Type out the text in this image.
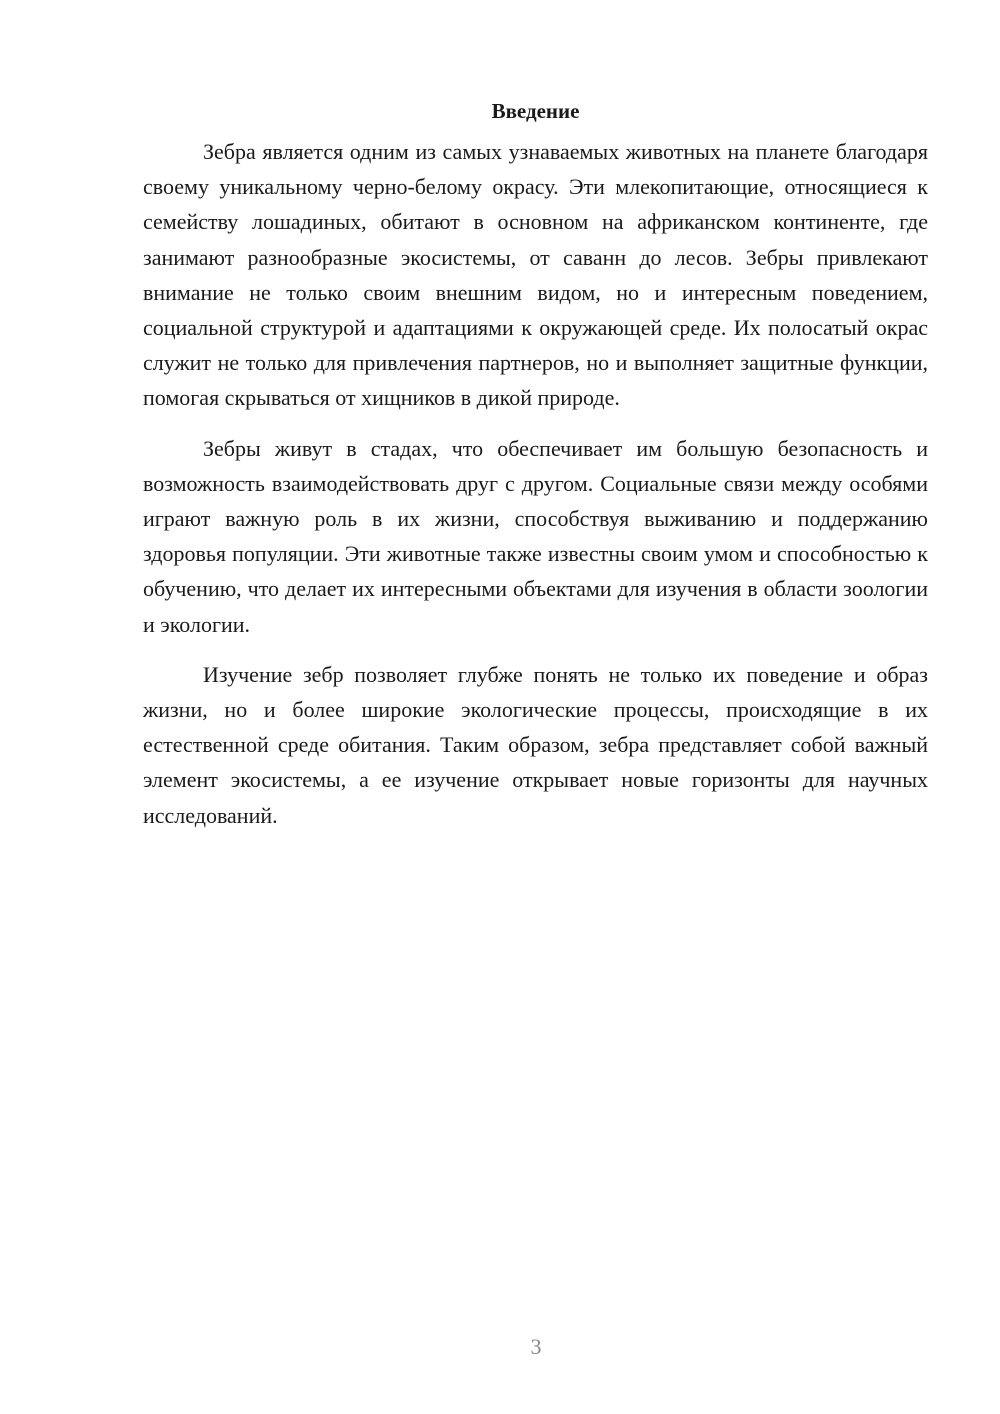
Введение

Зебра является одним из самых узнаваемых животных на планете благодаря своему уникальному черно-белому окрасу. Эти млекопитающие, относящиеся к семейству лошадиных, обитают в основном на африканском континенте, где занимают разнообразные экосистемы, от саванн до лесов. Зебры привлекают внимание не только своим внешним видом, но и интересным поведением, социальной структурой и адаптациями к окружающей среде. Их полосатый окрас служит не только для привлечения партнеров, но и выполняет защитные функции, помогая скрываться от хищников в дикой природе.

Зебры живут в стадах, что обеспечивает им большую безопасность и возможность взаимодействовать друг с другом. Социальные связи между особями играют важную роль в их жизни, способствуя выживанию и поддержанию здоровья популяции. Эти животные также известны своим умом и способностью к обучению, что делает их интересными объектами для изучения в области зоологии и экологии.

Изучение зебр позволяет глубже понять не только их поведение и образ жизни, но и более широкие экологические процессы, происходящие в их естественной среде обитания. Таким образом, зебра представляет собой важный элемент экосистемы, а ее изучение открывает новые горизонты для научных исследований.

3
